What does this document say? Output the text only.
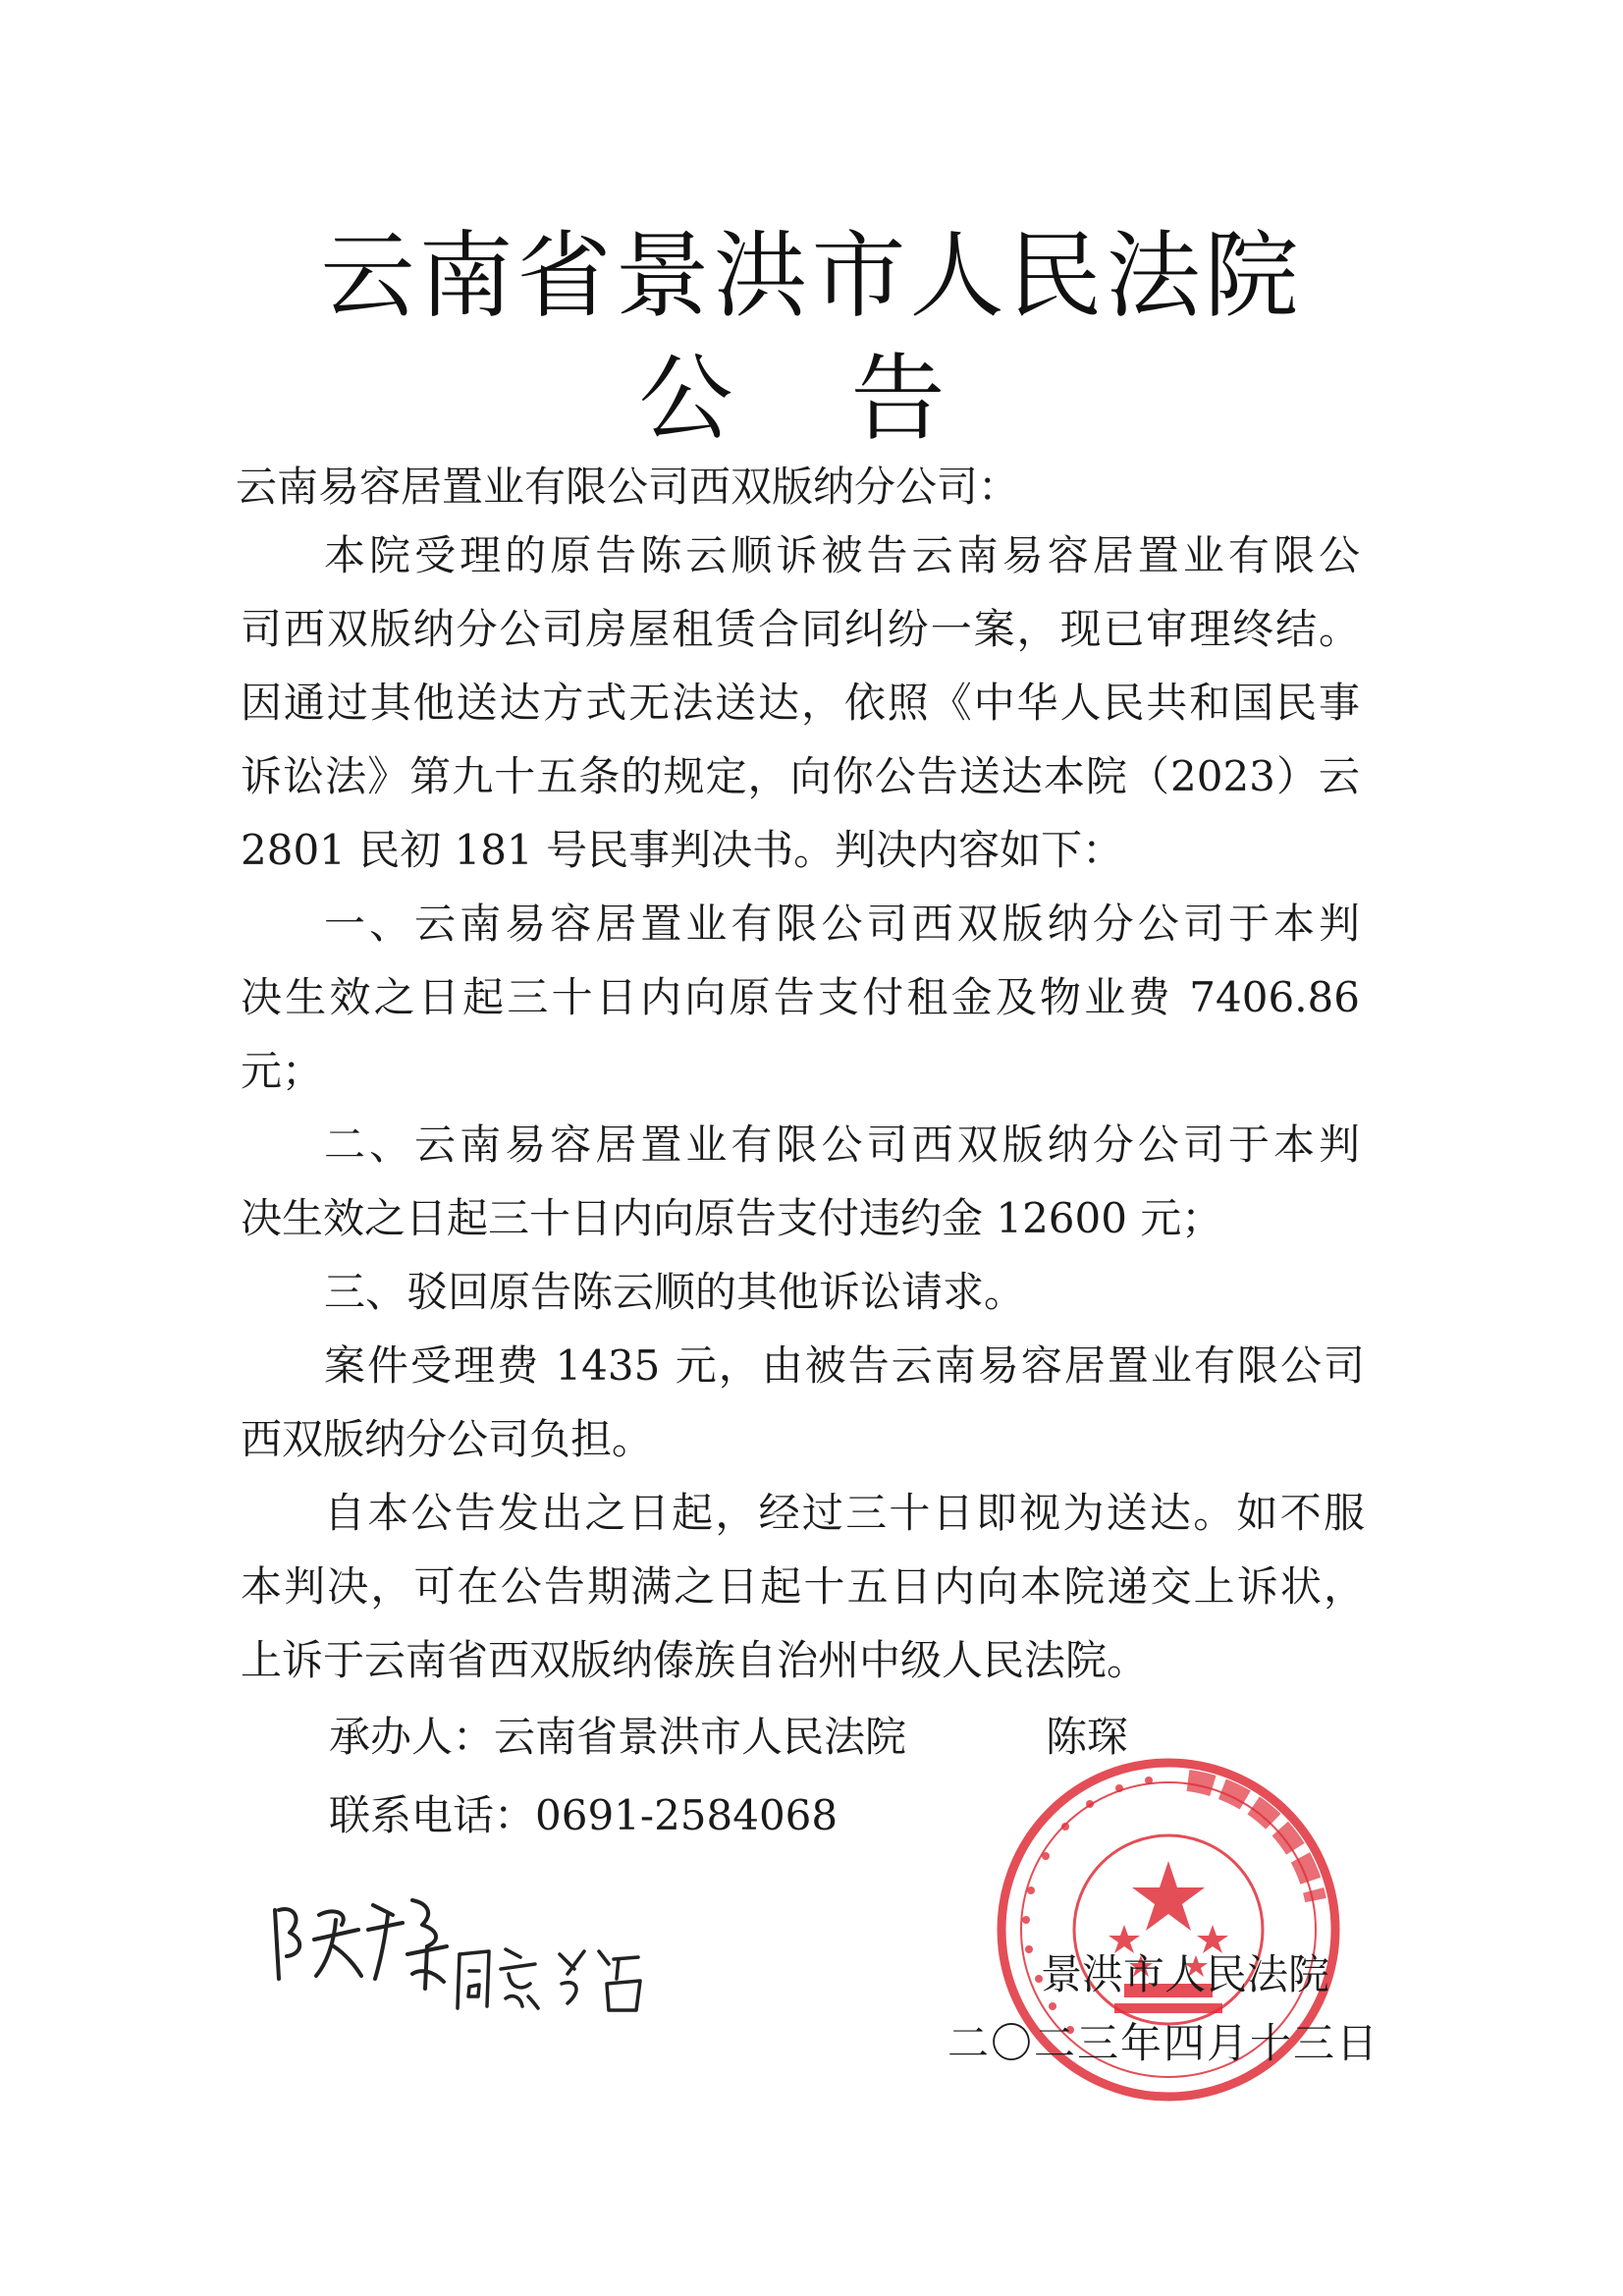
云南省景洪市人民法院
公告
云南易容居置业有限公司西双版纳分公司：
本院受理的原告陈云顺诉被告云南易容居置业有限公
司西双版纳分公司房屋租赁合同纠纷一案，现已审理终结。
因通过其他送达方式无法送达，依照《中华人民共和国民事
诉讼法》第九十五条的规定，向你公告送达本院（2023）云
2801 民初 181 号民事判决书。判决内容如下：
一、云南易容居置业有限公司西双版纳分公司于本判
决生效之日起三十日内向原告支付租金及物业费 7406.86
元；
二、云南易容居置业有限公司西双版纳分公司于本判
决生效之日起三十日内向原告支付违约金 12600 元；
三、驳回原告陈云顺的其他诉讼请求。
案件受理费 1435 元，由被告云南易容居置业有限公司
西双版纳分公司负担。
自本公告发出之日起，经过三十日即视为送达。如不服
本判决，可在公告期满之日起十五日内向本院递交上诉状，
上诉于云南省西双版纳傣族自治州中级人民法院。
承办人：云南省景洪市人民法院	陈琛
联系电话：0691-2584068
景洪市人民法院
二〇二三年四月十三日
